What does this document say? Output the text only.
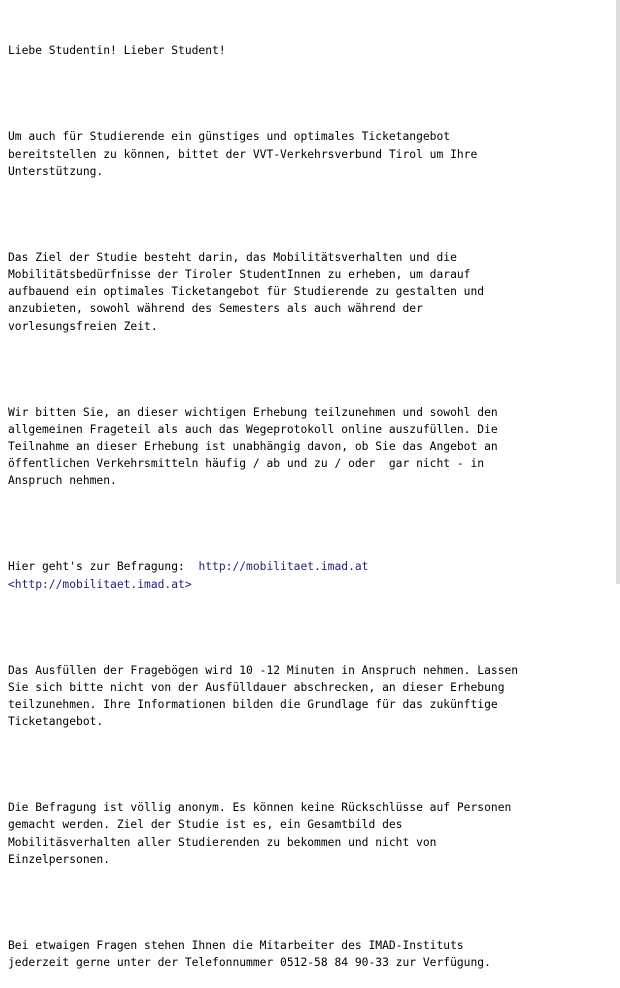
Liebe Studentin! Lieber Student!

Um auch für Studierende ein günstiges und optimales Ticketangebot
bereitstellen zu können, bittet der VVT-Verkehrsverbund Tirol um Ihre
Unterstützung.

Das Ziel der Studie besteht darin, das Mobilitätsverhalten und die
Mobilitätsbedürfnisse der Tiroler StudentInnen zu erheben, um darauf
aufbauend ein optimales Ticketangebot für Studierende zu gestalten und
anzubieten, sowohl während des Semesters als auch während der
vorlesungsfreien Zeit.

Wir bitten Sie, an dieser wichtigen Erhebung teilzunehmen und sowohl den
allgemeinen Frageteil als auch das Wegeprotokoll online auszufüllen. Die
Teilnahme an dieser Erhebung ist unabhängig davon, ob Sie das Angebot an
öffentlichen Verkehrsmitteln häufig / ab und zu / oder  gar nicht - in
Anspruch nehmen.

Hier geht's zur Befragung:  http://mobilitaet.imad.at
<http://mobilitaet.imad.at>

Das Ausfüllen der Fragebögen wird 10 -12 Minuten in Anspruch nehmen. Lassen
Sie sich bitte nicht von der Ausfülldauer abschrecken, an dieser Erhebung
teilzunehmen. Ihre Informationen bilden die Grundlage für das zukünftige
Ticketangebot.

Die Befragung ist völlig anonym. Es können keine Rückschlüsse auf Personen
gemacht werden. Ziel der Studie ist es, ein Gesamtbild des
Mobilitäsverhalten aller Studierenden zu bekommen und nicht von
Einzelpersonen.

Bei etwaigen Fragen stehen Ihnen die Mitarbeiter des IMAD-Instituts
jederzeit gerne unter der Telefonnummer 0512-58 84 90-33 zur Verfügung.
